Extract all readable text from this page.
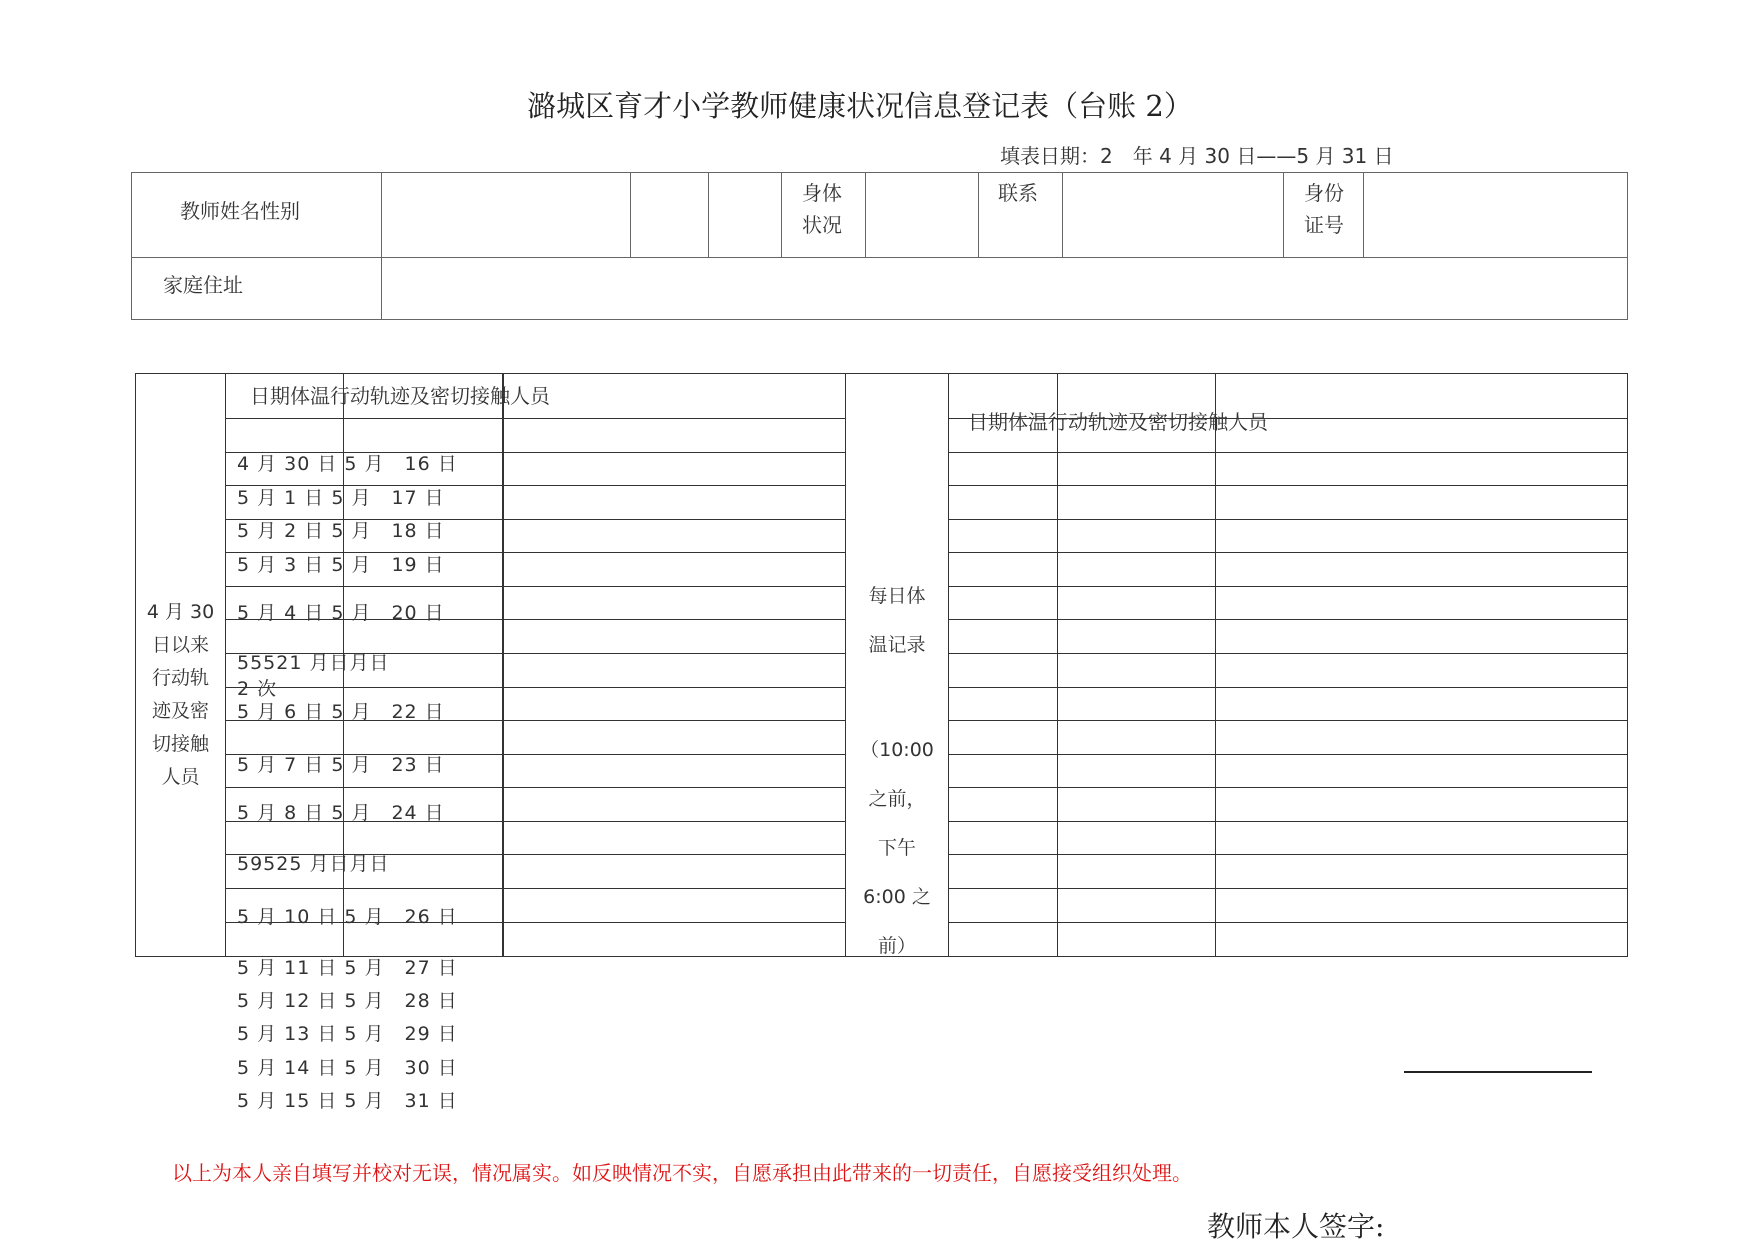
潞城区育才小学教师健康状况信息登记表（台账 2）
填表日期：2　年 4 月 30 日——5 月 31 日
教师姓名性别
身体
状况
联系	身份
证号
家庭住址
日期体温行动轨迹及密切接触人员
日期体温行动轨迹及密切接触人员
4 月 30
日以来
行动轨
迹及密
切接触
人员
每日体
温记录
（10:00
之前，
下午
6:00 之
前）
4 月 30 日 5 月　16 日
5 月 1 日 5 月　17 日
5 月 2 日 5 月　18 日
5 月 3 日 5 月　19 日
5 月 4 日 5 月　20 日
55521 月日月日
2 次
5 月 6 日 5 月　22 日
5 月 7 日 5 月　23 日
5 月 8 日 5 月　24 日
59525 月日月日
5 月 10 日 5 月　26 日
5 月 11 日 5 月　27 日
5 月 12 日 5 月　28 日
5 月 13 日 5 月　29 日
5 月 14 日 5 月　30 日
5 月 15 日 5 月　31 日
以上为本人亲自填写并校对无误，情况属实。如反映情况不实，自愿承担由此带来的一切责任，自愿接受组织处理。
教师本人签字:
